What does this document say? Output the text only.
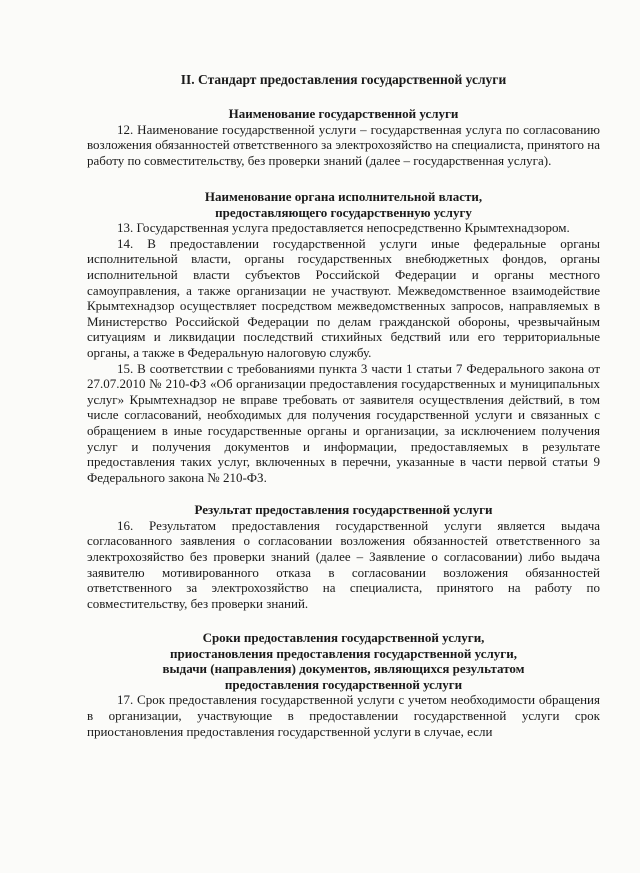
II. Стандарт предоставления государственной услуги
Наименование государственной услуги

12. Наименование государственной услуги – государственная услуга по согласованию возложения обязанностей ответственного за электрохозяйство на специалиста, принятого на работу по совместительству, без проверки знаний (далее – государственная услуга).

Наименование органа исполнительной власти,
предоставляющего государственную услугу

13. Государственная услуга предоставляется непосредственно Крымтехнадзором.

14. В предоставлении государственной услуги иные федеральные органы исполнительной власти, органы государственных внебюджетных фондов, органы исполнительной власти субъектов Российской Федерации и органы местного самоуправления, а также организации не участвуют. Межведомственное взаимодействие Крымтехнадзор осуществляет посредством межведомственных запросов, направляемых в Министерство Российской Федерации по делам гражданской обороны, чрезвычайным ситуациям и ликвидации последствий стихийных бедствий или его территориальные органы, а также в Федеральную налоговую службу.

15. В соответствии с требованиями пункта 3 части 1 статьи 7 Федерального закона от 27.07.2010 № 210-ФЗ «Об организации предоставления государственных и муниципальных услуг» Крымтехнадзор не вправе требовать от заявителя осуществления действий, в том числе согласований, необходимых для получения государственной услуги и связанных с обращением в иные государственные органы и организации, за исключением получения услуг и получения документов и информации, предоставляемых в результате предоставления таких услуг, включенных в перечни, указанные в части первой статьи 9 Федерального закона № 210-ФЗ.

Результат предоставления государственной услуги

16. Результатом предоставления государственной услуги является выдача согласованного заявления о согласовании возложения обязанностей ответственного за электрохозяйство без проверки знаний (далее – Заявление о согласовании) либо выдача заявителю мотивированного отказа в согласовании возложения обязанностей ответственного за электрохозяйство на специалиста, принятого на работу по совместительству, без проверки знаний.

Сроки предоставления государственной услуги,
приостановления предоставления государственной услуги,
выдачи (направления) документов, являющихся результатом
предоставления государственной услуги

17. Срок предоставления государственной услуги с учетом необходимости обращения в организации, участвующие в предоставлении государственной услуги срок приостановления предоставления государственной услуги в случае, если
